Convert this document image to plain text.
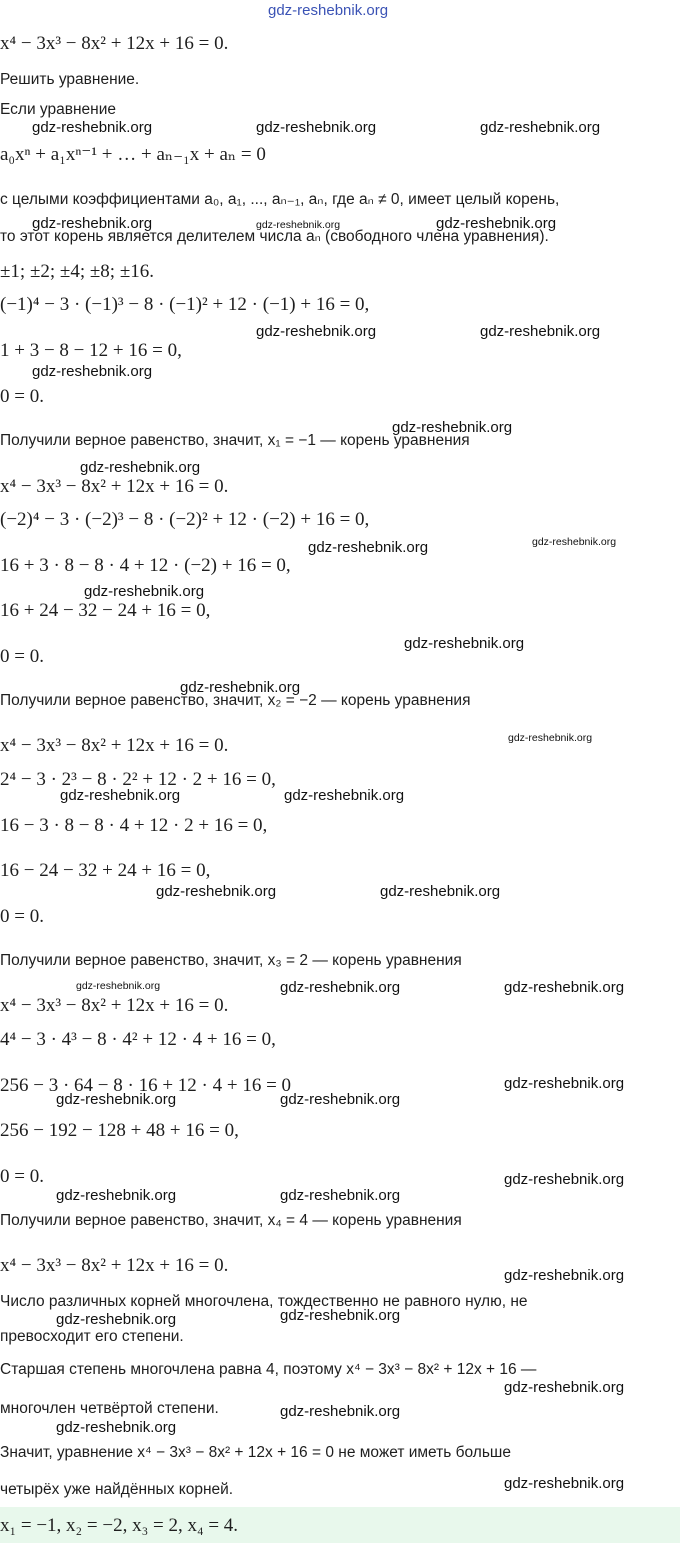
gdz-reshebnik.org
x⁴ − 3x³ − 8x² + 12x + 16 = 0.
Решить уравнение.
Если уравнение
a₀xⁿ + a₁xⁿ⁻¹ + … + aₙ₋₁x + aₙ = 0
с целыми коэффициентами a₀, a₁, ..., aₙ₋₁, aₙ, где aₙ ≠ 0, имеет целый корень,
то этот корень является делителем числа aₙ (свободного члена уравнения).
±1; ±2; ±4; ±8; ±16.
(−1)⁴ − 3 · (−1)³ − 8 · (−1)² + 12 · (−1) + 16 = 0,
1 + 3 − 8 − 12 + 16 = 0,
0 = 0.
Получили верное равенство, значит, x₁ = −1 — корень уравнения
x⁴ − 3x³ − 8x² + 12x + 16 = 0.
(−2)⁴ − 3 · (−2)³ − 8 · (−2)² + 12 · (−2) + 16 = 0,
16 + 3 · 8 − 8 · 4 + 12 · (−2) + 16 = 0,
16 + 24 − 32 − 24 + 16 = 0,
0 = 0.
Получили верное равенство, значит, x₂ = −2 — корень уравнения
x⁴ − 3x³ − 8x² + 12x + 16 = 0.
2⁴ − 3 · 2³ − 8 · 2² + 12 · 2 + 16 = 0,
16 − 3 · 8 − 8 · 4 + 12 · 2 + 16 = 0,
16 − 24 − 32 + 24 + 16 = 0,
0 = 0.
Получили верное равенство, значит, x₃ = 2 — корень уравнения
x⁴ − 3x³ − 8x² + 12x + 16 = 0.
4⁴ − 3 · 4³ − 8 · 4² + 12 · 4 + 16 = 0,
256 − 3 · 64 − 8 · 16 + 12 · 4 + 16 = 0
256 − 192 − 128 + 48 + 16 = 0,
0 = 0.
Получили верное равенство, значит, x₄ = 4 — корень уравнения
x⁴ − 3x³ − 8x² + 12x + 16 = 0.
Число различных корней многочлена, тождественно не равного нулю, не
превосходит его степени.
Старшая степень многочлена равна 4, поэтому x⁴ − 3x³ − 8x² + 12x + 16 —
многочлен четвёртой степени.
Значит, уравнение x⁴ − 3x³ − 8x² + 12x + 16 = 0 не может иметь больше
четырёх уже найдённых корней.
x₁ = −1, x₂ = −2, x₃ = 2, x₄ = 4.
gdz-reshebnik.org	gdz-reshebnik.org	gdz-reshebnik.org
gdz-reshebnik.org	gdz-reshebnik.org	gdz-reshebnik.org
gdz-reshebnik.org	gdz-reshebnik.org
gdz-reshebnik.org
gdz-reshebnik.org
gdz-reshebnik.org
gdz-reshebnik.org	gdz-reshebnik.org
gdz-reshebnik.org
gdz-reshebnik.org
gdz-reshebnik.org
gdz-reshebnik.org
gdz-reshebnik.org	gdz-reshebnik.org
gdz-reshebnik.org	gdz-reshebnik.org
gdz-reshebnik.org	gdz-reshebnik.org	gdz-reshebnik.org
gdz-reshebnik.org
gdz-reshebnik.org	gdz-reshebnik.org
gdz-reshebnik.org
gdz-reshebnik.org	gdz-reshebnik.org
gdz-reshebnik.org
gdz-reshebnik.org	gdz-reshebnik.org
gdz-reshebnik.org
gdz-reshebnik.org
gdz-reshebnik.org
gdz-reshebnik.org
